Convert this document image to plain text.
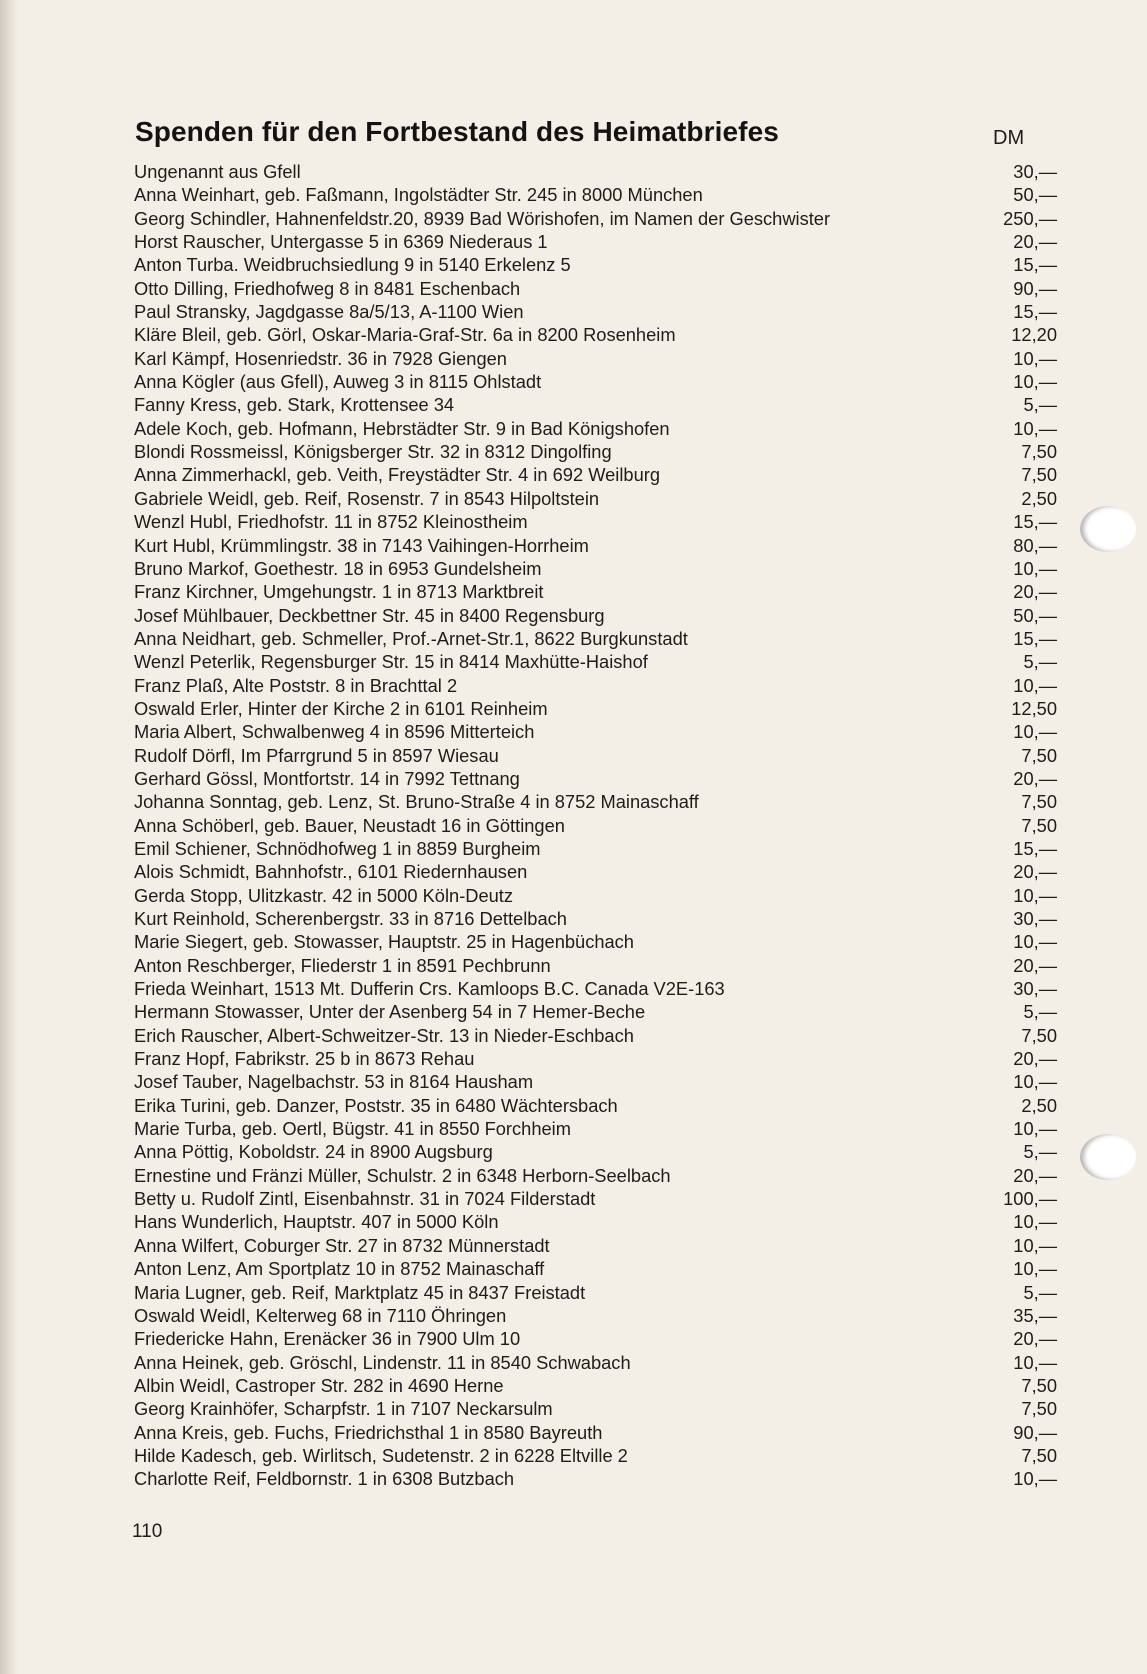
Spenden für den Fortbestand des Heimatbriefes	DM
Ungenannt aus Gfell	30,—
Anna Weinhart, geb. Faßmann, Ingolstädter Str. 245 in 8000 München	50,—
Georg Schindler, Hahnenfeldstr.20, 8939 Bad Wörishofen, im Namen der Geschwister	250,—
Horst Rauscher, Untergasse 5 in 6369 Niederaus 1	20,—
Anton Turba. Weidbruchsiedlung 9 in 5140 Erkelenz 5	15,—
Otto Dilling, Friedhofweg 8 in 8481 Eschenbach	90,—
Paul Stransky, Jagdgasse 8a/5/13, A-1100 Wien	15,—
Kläre Bleil, geb. Görl, Oskar-Maria-Graf-Str. 6a in 8200 Rosenheim	12,20
Karl Kämpf, Hosenriedstr. 36 in 7928 Giengen	10,—
Anna Kögler (aus Gfell), Auweg 3 in 8115 Ohlstadt	10,—
Fanny Kress, geb. Stark, Krottensee 34	5,—
Adele Koch, geb. Hofmann, Hebrstädter Str. 9 in Bad Königshofen	10,—
Blondi Rossmeissl, Königsberger Str. 32 in 8312 Dingolfing	7,50
Anna Zimmerhackl, geb. Veith, Freystädter Str. 4 in 692 Weilburg	7,50
Gabriele Weidl, geb. Reif, Rosenstr. 7 in 8543 Hilpoltstein	2,50
Wenzl Hubl, Friedhofstr. 11 in 8752 Kleinostheim	15,—
Kurt Hubl, Krümmlingstr. 38 in 7143 Vaihingen-Horrheim	80,—
Bruno Markof, Goethestr. 18 in 6953 Gundelsheim	10,—
Franz Kirchner, Umgehungstr. 1 in 8713 Marktbreit	20,—
Josef Mühlbauer, Deckbettner Str. 45 in 8400 Regensburg	50,—
Anna Neidhart, geb. Schmeller, Prof.-Arnet-Str.1, 8622 Burgkunstadt	15,—
Wenzl Peterlik, Regensburger Str. 15 in 8414 Maxhütte-Haishof	5,—
Franz Plaß, Alte Poststr. 8 in Brachttal 2	10,—
Oswald Erler, Hinter der Kirche 2 in 6101 Reinheim	12,50
Maria Albert, Schwalbenweg 4 in 8596 Mitterteich	10,—
Rudolf Dörfl, Im Pfarrgrund 5 in 8597 Wiesau	7,50
Gerhard Gössl, Montfortstr. 14 in 7992 Tettnang	20,—
Johanna Sonntag, geb. Lenz, St. Bruno-Straße 4 in 8752 Mainaschaff	7,50
Anna Schöberl, geb. Bauer, Neustadt 16 in Göttingen	7,50
Emil Schiener, Schnödhofweg 1 in 8859 Burgheim	15,—
Alois Schmidt, Bahnhofstr., 6101 Riedernhausen	20,—
Gerda Stopp, Ulitzkastr. 42 in 5000 Köln-Deutz	10,—
Kurt Reinhold, Scherenbergstr. 33 in 8716 Dettelbach	30,—
Marie Siegert, geb. Stowasser, Hauptstr. 25 in Hagenbüchach	10,—
Anton Reschberger, Fliederstr 1 in 8591 Pechbrunn	20,—
Frieda Weinhart, 1513 Mt. Dufferin Crs. Kamloops B.C. Canada V2E-163	30,—
Hermann Stowasser, Unter der Asenberg 54 in 7 Hemer-Beche	5,—
Erich Rauscher, Albert-Schweitzer-Str. 13 in Nieder-Eschbach	7,50
Franz Hopf, Fabrikstr. 25 b in 8673 Rehau	20,—
Josef Tauber, Nagelbachstr. 53 in 8164 Hausham	10,—
Erika Turini, geb. Danzer, Poststr. 35 in 6480 Wächtersbach	2,50
Marie Turba, geb. Oertl, Bügstr. 41 in 8550 Forchheim	10,—
Anna Pöttig, Koboldstr. 24 in 8900 Augsburg	5,—
Ernestine und Fränzi Müller, Schulstr. 2 in 6348 Herborn-Seelbach	20,—
Betty u. Rudolf Zintl, Eisenbahnstr. 31 in 7024 Filderstadt	100,—
Hans Wunderlich, Hauptstr. 407 in 5000 Köln	10,—
Anna Wilfert, Coburger Str. 27 in 8732 Münnerstadt	10,—
Anton Lenz, Am Sportplatz 10 in 8752 Mainaschaff	10,—
Maria Lugner, geb. Reif, Marktplatz 45 in 8437 Freistadt	5,—
Oswald Weidl, Kelterweg 68 in 7110 Öhringen	35,—
Friedericke Hahn, Erenäcker 36 in 7900 Ulm 10	20,—
Anna Heinek, geb. Gröschl, Lindenstr. 11 in 8540 Schwabach	10,—
Albin Weidl, Castroper Str. 282 in 4690 Herne	7,50
Georg Krainhöfer, Scharpfstr. 1 in 7107 Neckarsulm	7,50
Anna Kreis, geb. Fuchs, Friedrichsthal 1 in 8580 Bayreuth	90,—
Hilde Kadesch, geb. Wirlitsch, Sudetenstr. 2 in 6228 Eltville 2	7,50
Charlotte Reif, Feldbornstr. 1 in 6308 Butzbach	10,—
110
